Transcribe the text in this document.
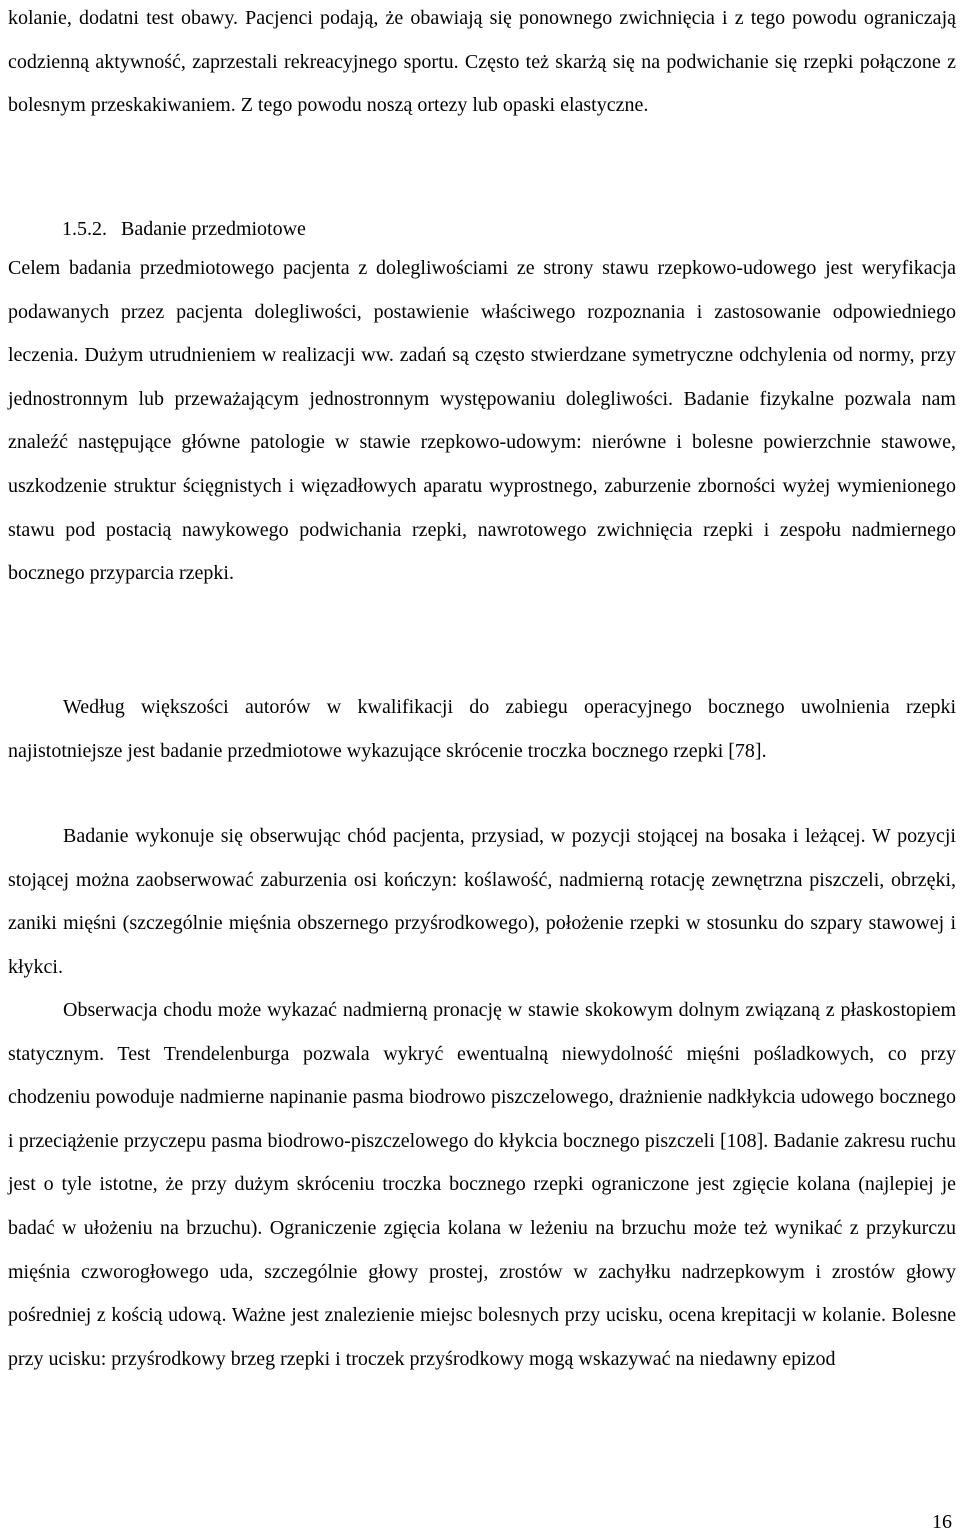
kolanie, dodatni test obawy. Pacjenci podają, że obawiają się ponownego zwichnięcia i z tego powodu ograniczają codzienną aktywność, zaprzestali rekreacyjnego sportu. Często też skarżą się na podwichanie się rzepki połączone z bolesnym przeskakiwaniem. Z tego powodu noszą ortezy lub opaski elastyczne.

1.5.2. Badanie przedmiotowe

Celem badania przedmiotowego pacjenta z dolegliwościami ze strony stawu rzepkowo-udowego jest weryfikacja podawanych przez pacjenta dolegliwości, postawienie właściwego rozpoznania i zastosowanie odpowiedniego leczenia. Dużym utrudnieniem w realizacji ww. zadań są często stwierdzane symetryczne odchylenia od normy, przy jednostronnym lub przeważającym jednostronnym występowaniu dolegliwości. Badanie fizykalne pozwala nam znaleźć następujące główne patologie w stawie rzepkowo-udowym: nierówne i bolesne powierzchnie stawowe, uszkodzenie struktur ścięgnistych i więzadłowych aparatu wyprostnego, zaburzenie zborności wyżej wymienionego stawu pod postacią nawykowego podwichania rzepki, nawrotowego zwichnięcia rzepki i zespołu nadmiernego bocznego przyparcia rzepki.

Według większości autorów w kwalifikacji do zabiegu operacyjnego bocznego uwolnienia rzepki najistotniejsze jest badanie przedmiotowe wykazujące skrócenie troczka bocznego rzepki [78].

Badanie wykonuje się obserwując chód pacjenta, przysiad, w pozycji stojącej na bosaka i leżącej. W pozycji stojącej można zaobserwować zaburzenia osi kończyn: koślawość, nadmierną rotację zewnętrzna piszczeli, obrzęki, zaniki mięśni (szczególnie mięśnia obszernego przyśrodkowego), położenie rzepki w stosunku do szpary stawowej i kłykci.

Obserwacja chodu może wykazać nadmierną pronację w stawie skokowym dolnym związaną z płaskostopiem statycznym. Test Trendelenburga pozwala wykryć ewentualną niewydolność mięśni pośladkowych, co przy chodzeniu powoduje nadmierne napinanie pasma biodrowo piszczelowego, drażnienie nadkłykcia udowego bocznego i przeciążenie przyczepu pasma biodrowo-piszczelowego do kłykcia bocznego piszczeli [108]. Badanie zakresu ruchu jest o tyle istotne, że przy dużym skróceniu troczka bocznego rzepki ograniczone jest zgięcie kolana (najlepiej je badać w ułożeniu na brzuchu). Ograniczenie zgięcia kolana w leżeniu na brzuchu może też wynikać z przykurczu mięśnia czworogłowego uda, szczególnie głowy prostej, zrostów w zachyłku nadrzepkowym i zrostów głowy pośredniej z kością udową. Ważne jest znalezienie miejsc bolesnych przy ucisku, ocena krepitacji w kolanie. Bolesne przy ucisku: przyśrodkowy brzeg rzepki i troczek przyśrodkowy mogą wskazywać na niedawny epizod

16
